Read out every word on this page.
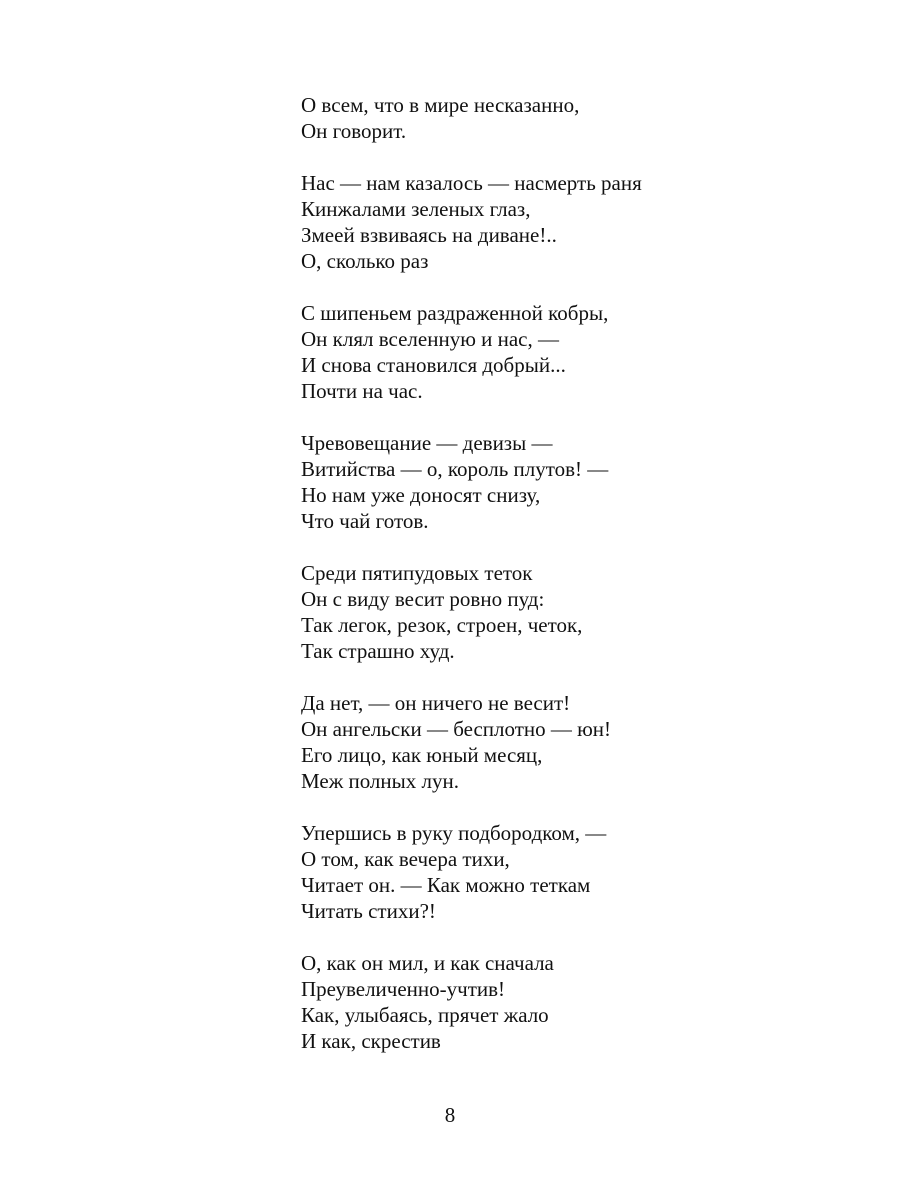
О всем, что в мире несказанно,
Он говорит.
Нас — нам казалось — насмерть раня
Кинжалами зеленых глаз,
Змеей взвиваясь на диване!..
О, сколько раз
С шипеньем раздраженной кобры,
Он клял вселенную и нас, —
И снова становился добрый...
Почти на час.
Чревовещание — девизы —
Витийства — о, король плутов! —
Но нам уже доносят снизу,
Что чай готов.
Среди пятипудовых теток
Он с виду весит ровно пуд:
Так легок, резок, строен, четок,
Так страшно худ.
Да нет, — он ничего не весит!
Он ангельски — бесплотно — юн!
Его лицо, как юный месяц,
Меж полных лун.
Упершись в руку подбородком, —
О том, как вечера тихи,
Читает он. — Как можно теткам
Читать стихи?!
О, как он мил, и как сначала
Преувеличенно-учтив!
Как, улыбаясь, прячет жало
И как, скрестив
8
